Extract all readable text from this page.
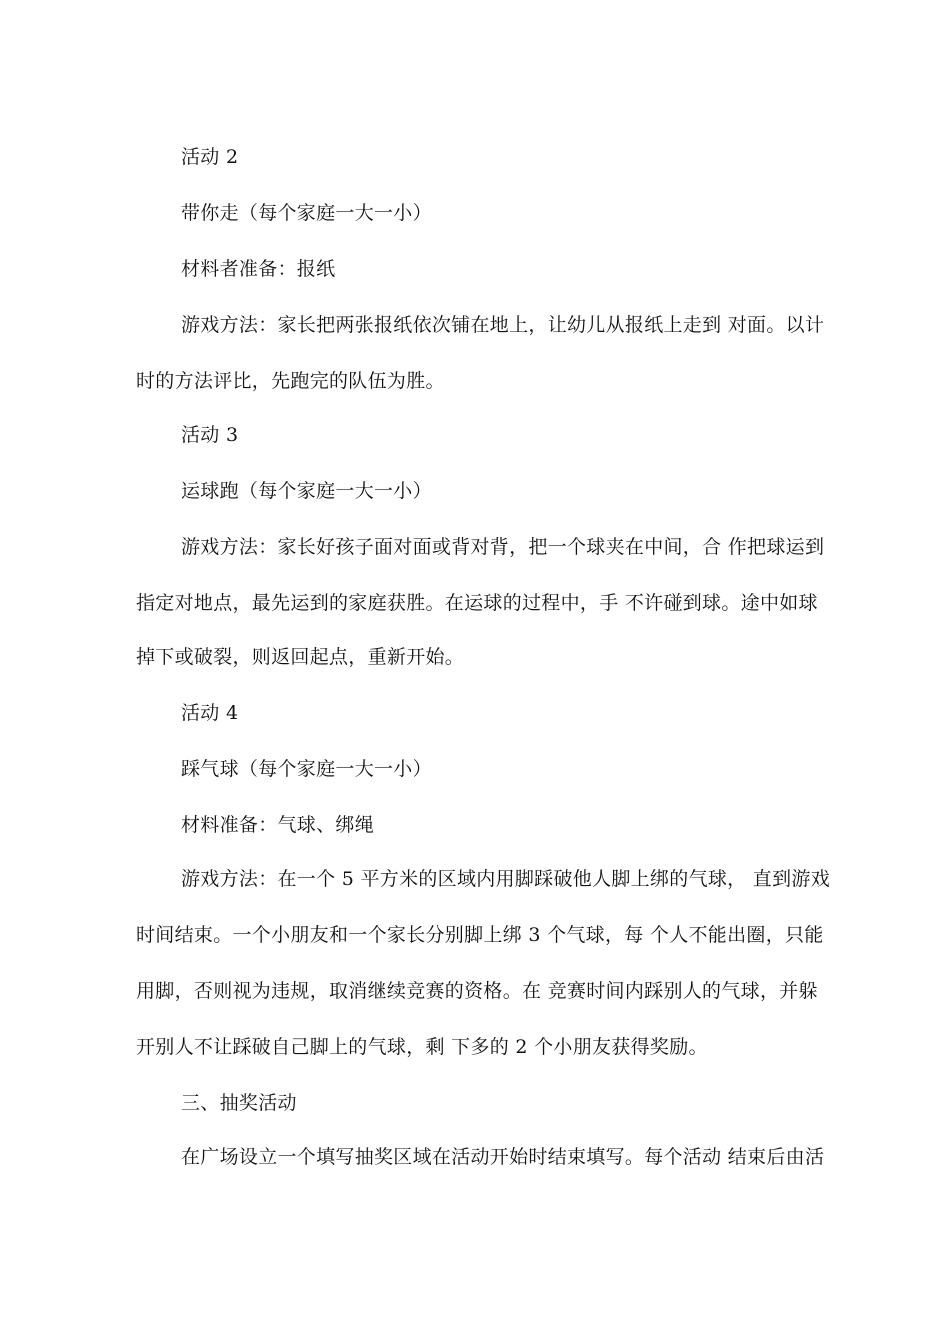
活动 2
带你走（每个家庭一大一小）
材料者准备：报纸
游戏方法：家长把两张报纸依次铺在地上，让幼儿从报纸上走到 对面。以计
时的方法评比，先跑完的队伍为胜。
活动 3
运球跑（每个家庭一大一小）
游戏方法：家长好孩子面对面或背对背，把一个球夹在中间，合 作把球运到
指定对地点，最先运到的家庭获胜。在运球的过程中，手 不许碰到球。途中如球
掉下或破裂，则返回起点，重新开始。
活动 4
踩气球（每个家庭一大一小）
材料准备：气球、绑绳
游戏方法：在一个 5 平方米的区域内用脚踩破他人脚上绑的气球， 直到游戏
时间结束。一个小朋友和一个家长分别脚上绑 3 个气球，每 个人不能出圈，只能
用脚，否则视为违规，取消继续竞赛的资格。在 竞赛时间内踩别人的气球，并躲
开别人不让踩破自己脚上的气球，剩 下多的 2 个小朋友获得奖励。
三、抽奖活动
在广场设立一个填写抽奖区域在活动开始时结束填写。每个活动 结束后由活
